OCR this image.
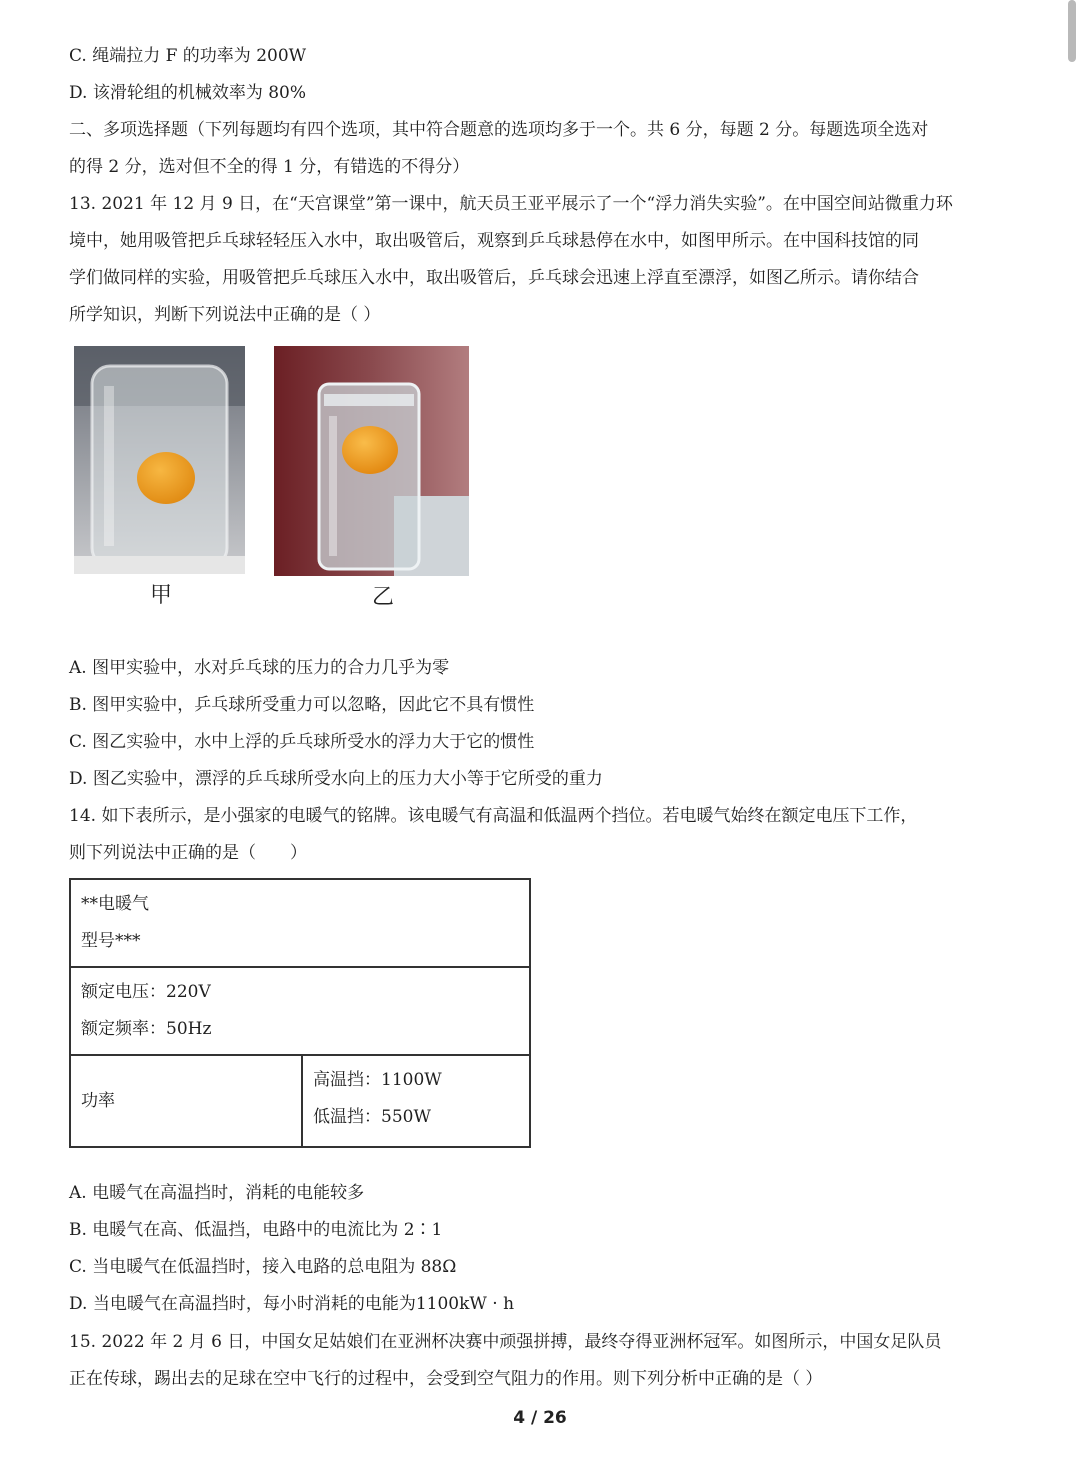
C. 绳端拉力 F 的功率为 200W
D. 该滑轮组的机械效率为 80%
二、多项选择题（下列每题均有四个选项，其中符合题意的选项均多于一个。共 6 分，每题 2 分。每题选项全选对
的得 2 分，选对但不全的得 1 分，有错选的不得分）
13. 2021 年 12 月 9 日，在“天宫课堂”第一课中，航天员王亚平展示了一个“浮力消失实验”。在中国空间站微重力环
境中，她用吸管把乒乓球轻轻压入水中，取出吸管后，观察到乒乓球悬停在水中，如图甲所示。在中国科技馆的同
学们做同样的实验，用吸管把乒乓球压入水中，取出吸管后，乒乓球会迅速上浮直至漂浮，如图乙所示。请你结合
所学知识，判断下列说法中正确的是（ ）
甲	乙
A. 图甲实验中，水对乒乓球的压力的合力几乎为零
B. 图甲实验中，乒乓球所受重力可以忽略，因此它不具有惯性
C. 图乙实验中，水中上浮的乒乓球所受水的浮力大于它的惯性
D. 图乙实验中，漂浮的乒乓球所受水向上的压力大小等于它所受的重力
14. 如下表所示，是小强家的电暖气的铭牌。该电暖气有高温和低温两个挡位。若电暖气始终在额定电压下工作，
则下列说法中正确的是（　　）
**电暖气
型号***

额定电压：220V
额定频率：50Hz

功率

高温挡：1100W
低温挡：550W
A. 电暖气在高温挡时，消耗的电能较多
B. 电暖气在高、低温挡，电路中的电流比为 2∶1
C. 当电暖气在低温挡时，接入电路的总电阻为 88Ω
D. 当电暖气在高温挡时，每小时消耗的电能为1100kW · h
15. 2022 年 2 月 6 日，中国女足姑娘们在亚洲杯决赛中顽强拼搏，最终夺得亚洲杯冠军。如图所示，中国女足队员
正在传球，踢出去的足球在空中飞行的过程中，会受到空气阻力的作用。则下列分析中正确的是（ ）
4 / 26
